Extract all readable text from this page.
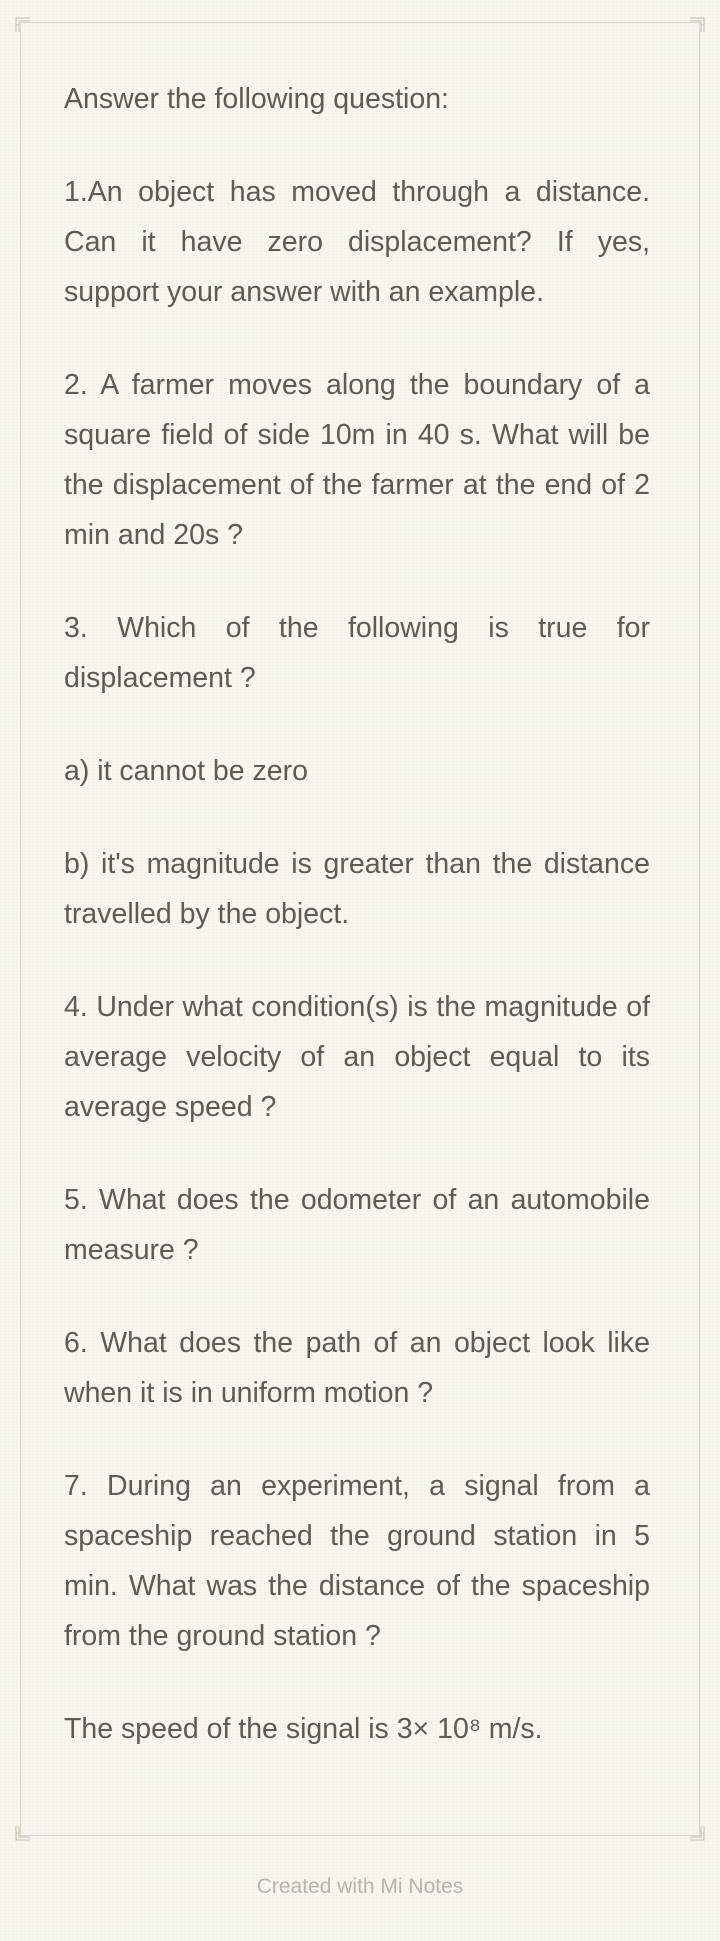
Answer the following question:

1.An object has moved through a distance. Can it have zero displacement? If yes, support your answer with an example.

2. A farmer moves along the boundary of a square field of side 10m in 40 s. What will be the displacement of the farmer at the end of 2 min and 20s ?

3. Which of the following is true for displacement ?

a) it cannot be zero

b) it's magnitude is greater than the distance travelled by the object.

4. Under what condition(s) is the magnitude of average velocity of an object equal to its average speed ?

5. What does the odometer of an automobile measure ?

6. What does the path of an object look like when it is in uniform motion ?

7. During an experiment, a signal from a spaceship reached the ground station in 5 min. What was the distance of the spaceship from the ground station ?

The speed of the signal is 3× 10⁸ m/s.

Created with Mi Notes
